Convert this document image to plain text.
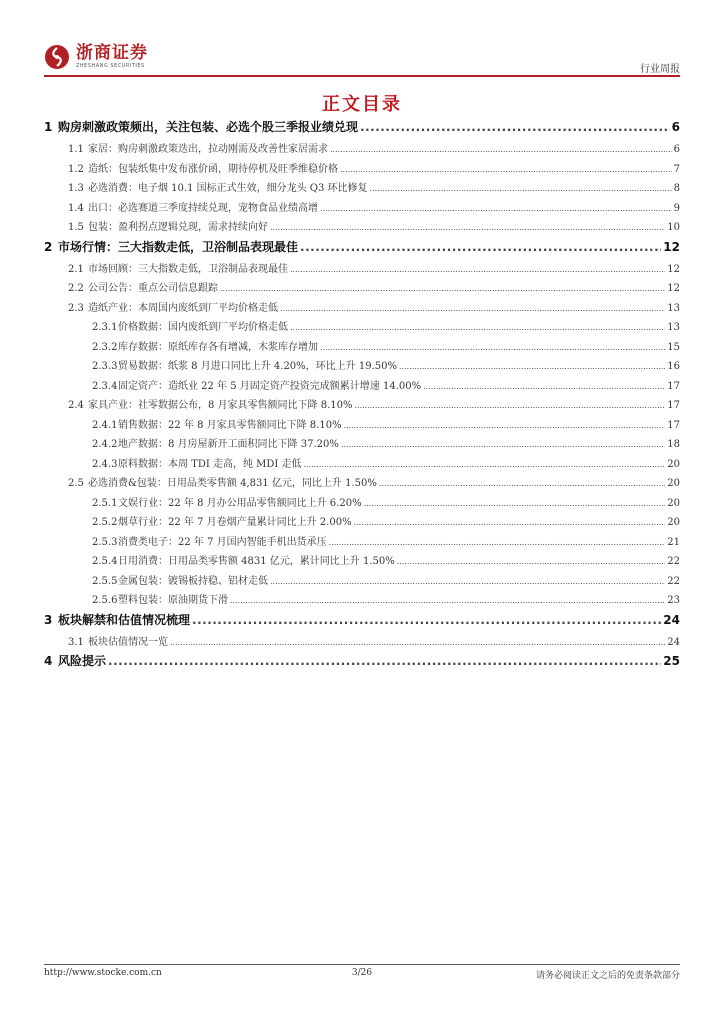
浙商证券
ZHESHANG SECURITIES	行业周报
正文目录
1 购房刺激政策频出，关注包装、必选个股三季报业绩兑现 .....	6
1.1 家居：购房刺激政策迭出，拉动刚需及改善性家居需求 .....	6
1.2 造纸：包装纸集中发布涨价函，期待停机及旺季维稳价格 .....	7
1.3 必选消费：电子烟 10.1 国标正式生效，细分龙头 Q3 环比修复 .....	8
1.4 出口：必选赛道三季度持续兑现，宠物食品业绩高增 .....	9
1.5 包装：盈利拐点逻辑兑现，需求持续向好 .....	10
2 市场行情：三大指数走低，卫浴制品表现最佳 .....	12
2.1 市场回顾：三大指数走低，卫浴制品表现最佳 .....	12
2.2 公司公告：重点公司信息跟踪 .....	12
2.3 造纸产业：本周国内废纸到厂平均价格走低 .....	13
2.3.1 价格数据：国内废纸到厂平均价格走低 .....	13
2.3.2 库存数据：原纸库存各有增减，木浆库存增加 .....	15
2.3.3 贸易数据：纸浆 8 月进口同比上升 4.20%，环比上升 19.50% .....	16
2.3.4 固定资产：造纸业 22 年 5 月固定资产投资完成额累计增速 14.00% .....	17
2.4 家具产业：社零数据公布，8 月家具零售额同比下降 8.10% .....	17
2.4.1 销售数据：22 年 8 月家具零售额同比下降 8.10% .....	17
2.4.2 地产数据：8 月房屋新开工面积同比下降 37.20% .....	18
2.4.3 原料数据：本周 TDI 走高，纯 MDI 走低 .....	20
2.5 必选消费&包装：日用品类零售额 4,831 亿元，同比上升 1.50% .....	20
2.5.1 文娱行业：22 年 8 月办公用品零售额同比上升 6.20% .....	20
2.5.2 烟草行业：22 年 7 月卷烟产量累计同比上升 2.00% .....	20
2.5.3 消费类电子：22 年 7 月国内智能手机出货承压 .....	21
2.5.4 日用消费：日用品类零售额 4831 亿元，累计同比上升 1.50% .....	22
2.5.5 金属包装：镀锡板持稳、铝材走低 .....	22
2.5.6 塑料包装：原油期货下滑 .....	23
3 板块解禁和估值情况梳理 .....	24
3.1 板块估值情况一览 .....	24
4 风险提示 .....	25
http://www.stocke.com.cn	3/26	请务必阅读正文之后的免责条款部分
